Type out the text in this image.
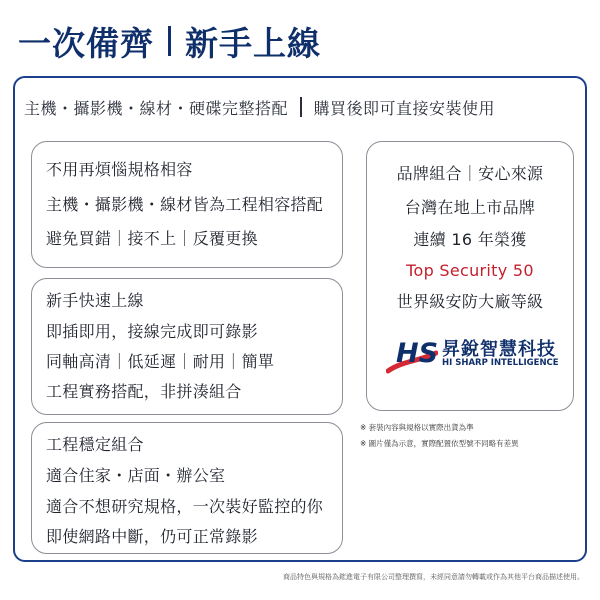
一次備齊 新手上線
主機・攝影機・線材・硬碟完整搭配 購買後即可直接安裝使用
不用再煩惱規格相容
主機・攝影機・線材皆為工程相容搭配
避免買錯｜接不上｜反覆更換
新手快速上線
即插即用，接線完成即可錄影
同軸高清｜低延遲｜耐用｜簡單
工程實務搭配，非拼湊組合
工程穩定組合
適合住家・店面・辦公室
適合不想研究規格，一次裝好監控的你
即使網路中斷，仍可正常錄影
品牌組合｜安心來源
台灣在地上市品牌
連續 16 年榮獲
Top Security 50
世界級安防大廠等級
HS 昇銳智慧科技
HI SHARP INTELLIGENCE
※ 套裝內容與規格以實際出貨為準
※ 圖片僅為示意，實際配置依型號不同略有差異
商品特色與規格為鋐進電子有限公司整理撰寫，未經同意請勿轉載或作為其他平台商品描述使用。
